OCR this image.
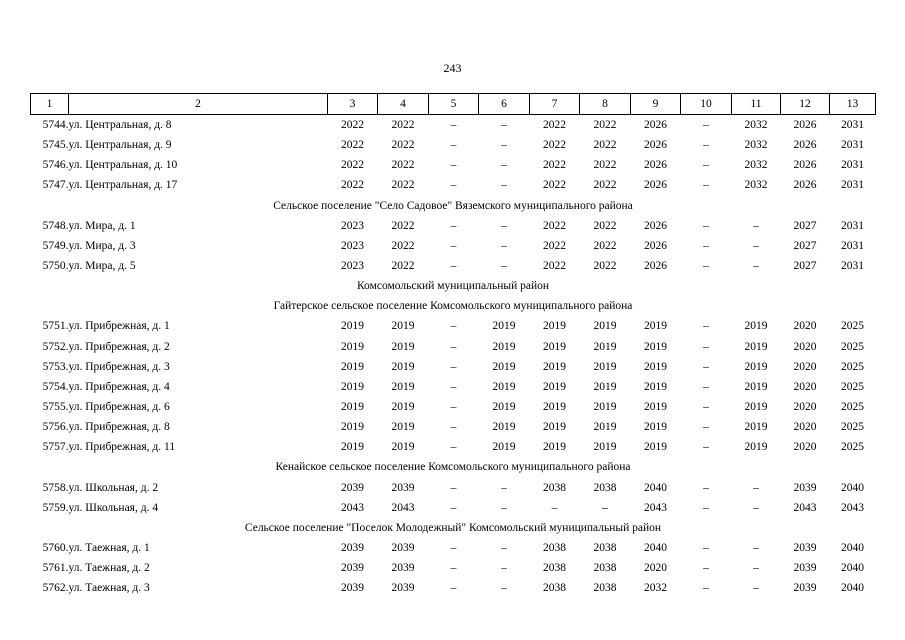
243
1	2	3	4	5	6	7	8	9	10	11	12	13
5744.	ул. Центральная, д. 8	2022	2022	–	–	2022	2022	2026	–	2032	2026	2031
5745.	ул. Центральная, д. 9	2022	2022	–	–	2022	2022	2026	–	2032	2026	2031
5746.	ул. Центральная, д. 10	2022	2022	–	–	2022	2022	2026	–	2032	2026	2031
5747.	ул. Центральная, д. 17	2022	2022	–	–	2022	2022	2026	–	2032	2026	2031
Сельское поселение "Село Садовое" Вяземского муниципального района												
5748.	ул. Мира, д. 1	2023	2022	–	–	2022	2022	2026	–	–	2027	2031
5749.	ул. Мира, д. 3	2023	2022	–	–	2022	2022	2026	–	–	2027	2031
5750.	ул. Мира, д. 5	2023	2022	–	–	2022	2022	2026	–	–	2027	2031
Комсомольский муниципальный район												
Гайтерское сельское поселение Комсомольского муниципального района												
5751.	ул. Прибрежная, д. 1	2019	2019	–	2019	2019	2019	2019	–	2019	2020	2025
5752.	ул. Прибрежная, д. 2	2019	2019	–	2019	2019	2019	2019	–	2019	2020	2025
5753.	ул. Прибрежная, д. 3	2019	2019	–	2019	2019	2019	2019	–	2019	2020	2025
5754.	ул. Прибрежная, д. 4	2019	2019	–	2019	2019	2019	2019	–	2019	2020	2025
5755.	ул. Прибрежная, д. 6	2019	2019	–	2019	2019	2019	2019	–	2019	2020	2025
5756.	ул. Прибрежная, д. 8	2019	2019	–	2019	2019	2019	2019	–	2019	2020	2025
5757.	ул. Прибрежная, д. 11	2019	2019	–	2019	2019	2019	2019	–	2019	2020	2025
Кенайское сельское поселение Комсомольского муниципального района												
5758.	ул. Школьная, д. 2	2039	2039	–	–	2038	2038	2040	–	–	2039	2040
5759.	ул. Школьная, д. 4	2043	2043	–	–	–	–	2043	–	–	2043	2043
Сельское поселение "Поселок Молодежный" Комсомольский муниципальный район												
5760.	ул. Таежная, д. 1	2039	2039	–	–	2038	2038	2040	–	–	2039	2040
5761.	ул. Таежная, д. 2	2039	2039	–	–	2038	2038	2020	–	–	2039	2040
5762.	ул. Таежная, д. 3	2039	2039	–	–	2038	2038	2032	–	–	2039	2040
